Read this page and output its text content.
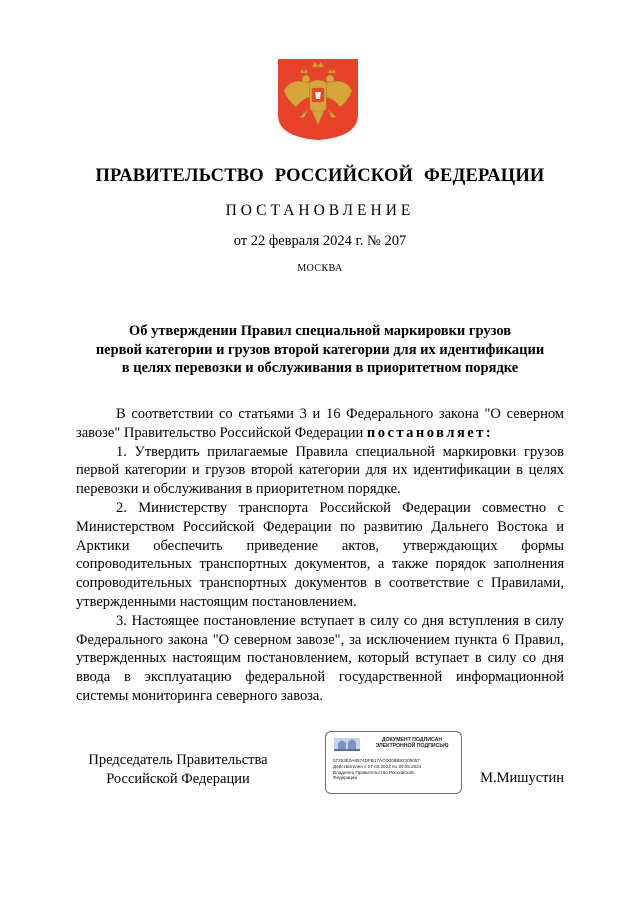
ПРАВИТЕЛЬСТВО РОССИЙСКОЙ ФЕДЕРАЦИИ
ПОСТАНОВЛЕНИЕ
от 22 февраля 2024 г. № 207
МОСКВА
Об утверждении Правил специальной маркировки грузов
первой категории и грузов второй категории для их идентификации
в целях перевозки и обслуживания в приоритетном порядке

В соответствии со статьями 3 и 16 Федерального закона "О северном завозе" Правительство Российской Федерации постановляет:

1. Утвердить прилагаемые Правила специальной маркировки грузов первой категории и грузов второй категории для их идентификации в целях перевозки и обслуживания в приоритетном порядке.

2. Министерству транспорта Российской Федерации совместно с Министерством Российской Федерации по развитию Дальнего Востока и Арктики обеспечить приведение актов, утверждающих формы сопроводительных транспортных документов, а также порядок заполнения сопроводительных транспортных документов в соответствие с Правилами, утвержденными настоящим постановлением.

3. Настоящее постановление вступает в силу со дня вступления в силу Федерального закона "О северном завозе", за исключением пункта 6 Правил, утвержденных настоящим постановлением, который вступает в силу со дня ввода в эксплуатацию федеральной государственной информационной системы мониторинга северного завоза.

Председатель Правительства
Российской Федерации
ДОКУМЕНТ ПОДПИСАН
ЭЛЕКТРОННОЙ ПОДПИСЬЮ
57253E0A6974DFB17ACD008B92305057
Действителен с 07.03.2023 по 30.05.2024
Владелец Правительство Российской
Федерации	М.Мишустин
